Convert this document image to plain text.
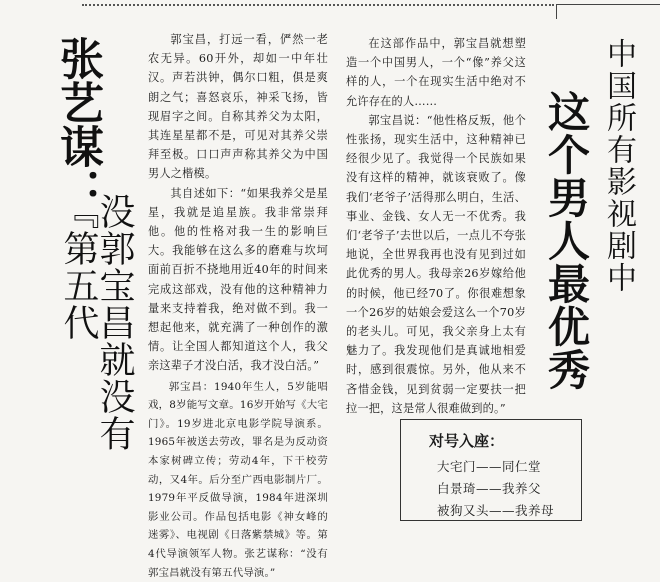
张艺谋：
没郭宝昌就没有『第五代

郭宝昌，打远一看，俨然一老农无异。60开外，却如一中年壮汉。声若洪钟，偶尔口粗，俱是爽朗之气；喜怒哀乐，神采飞扬，皆现眉字之间。自称其养父为太阳，其连星星都不是，可见对其养父崇拜至极。口口声声称其养父为中国男人之楷模。

其自述如下：“如果我养父是星星，我就是追星族。我非常崇拜他。他的性格对我一生的影响巨大。我能够在这么多的磨难与坎坷面前百折不挠地用近40年的时间来完成这部戏，没有他的这种精神力量来支持着我，绝对做不到。我一想起他来，就充满了一种创作的激情。让全国人都知道这个人，我父亲这辈子才没白活，我才没白活。”

郭宝昌：1940年生人，5岁能唱戏，8岁能写文章。16岁开始写《大宅门》。19岁进北京电影学院导演系。1965年被送去劳改，罪名是为反动资本家树碑立传；劳动4年，下干校劳动，又4年。后分至广西电影制片厂。1979年平反做导演，1984年进深圳影业公司。作品包括电影《神女峰的迷雾》、电视剧《日落紫禁城》等。第4代导演领军人物。张艺谋称：“没有郭宝昌就没有第五代导演。”

在这部作品中，郭宝昌就想塑造一个中国男人，一个“像”养父这样的人，一个在现实生活中绝对不允许存在的人……

郭宝昌说：“他性格反叛，他个性张扬，现实生活中，这种精神已经很少见了。我觉得一个民族如果没有这样的精神，就该衰败了。像我们‘老爷子’活得那么明白，生活、事业、金钱、女人无一不优秀。我们‘老爷子’去世以后，一点儿不夸张地说，全世界我再也没有见到过如此优秀的男人。我母亲26岁嫁给他的时候，他已经70了。你很难想象一个26岁的姑娘会爱这么一个70岁的老头儿。可见，我父亲身上太有魅力了。我发现他们是真诚地相爱时，感到很震惊。另外，他从来不吝惜金钱，见到贫弱一定要扶一把拉一把，这是常人很难做到的。”

中国所有影视剧中
这个男人最优秀

对号入座：

大宅门——同仁堂
白景琦——我养父
被狗又头——我养母
